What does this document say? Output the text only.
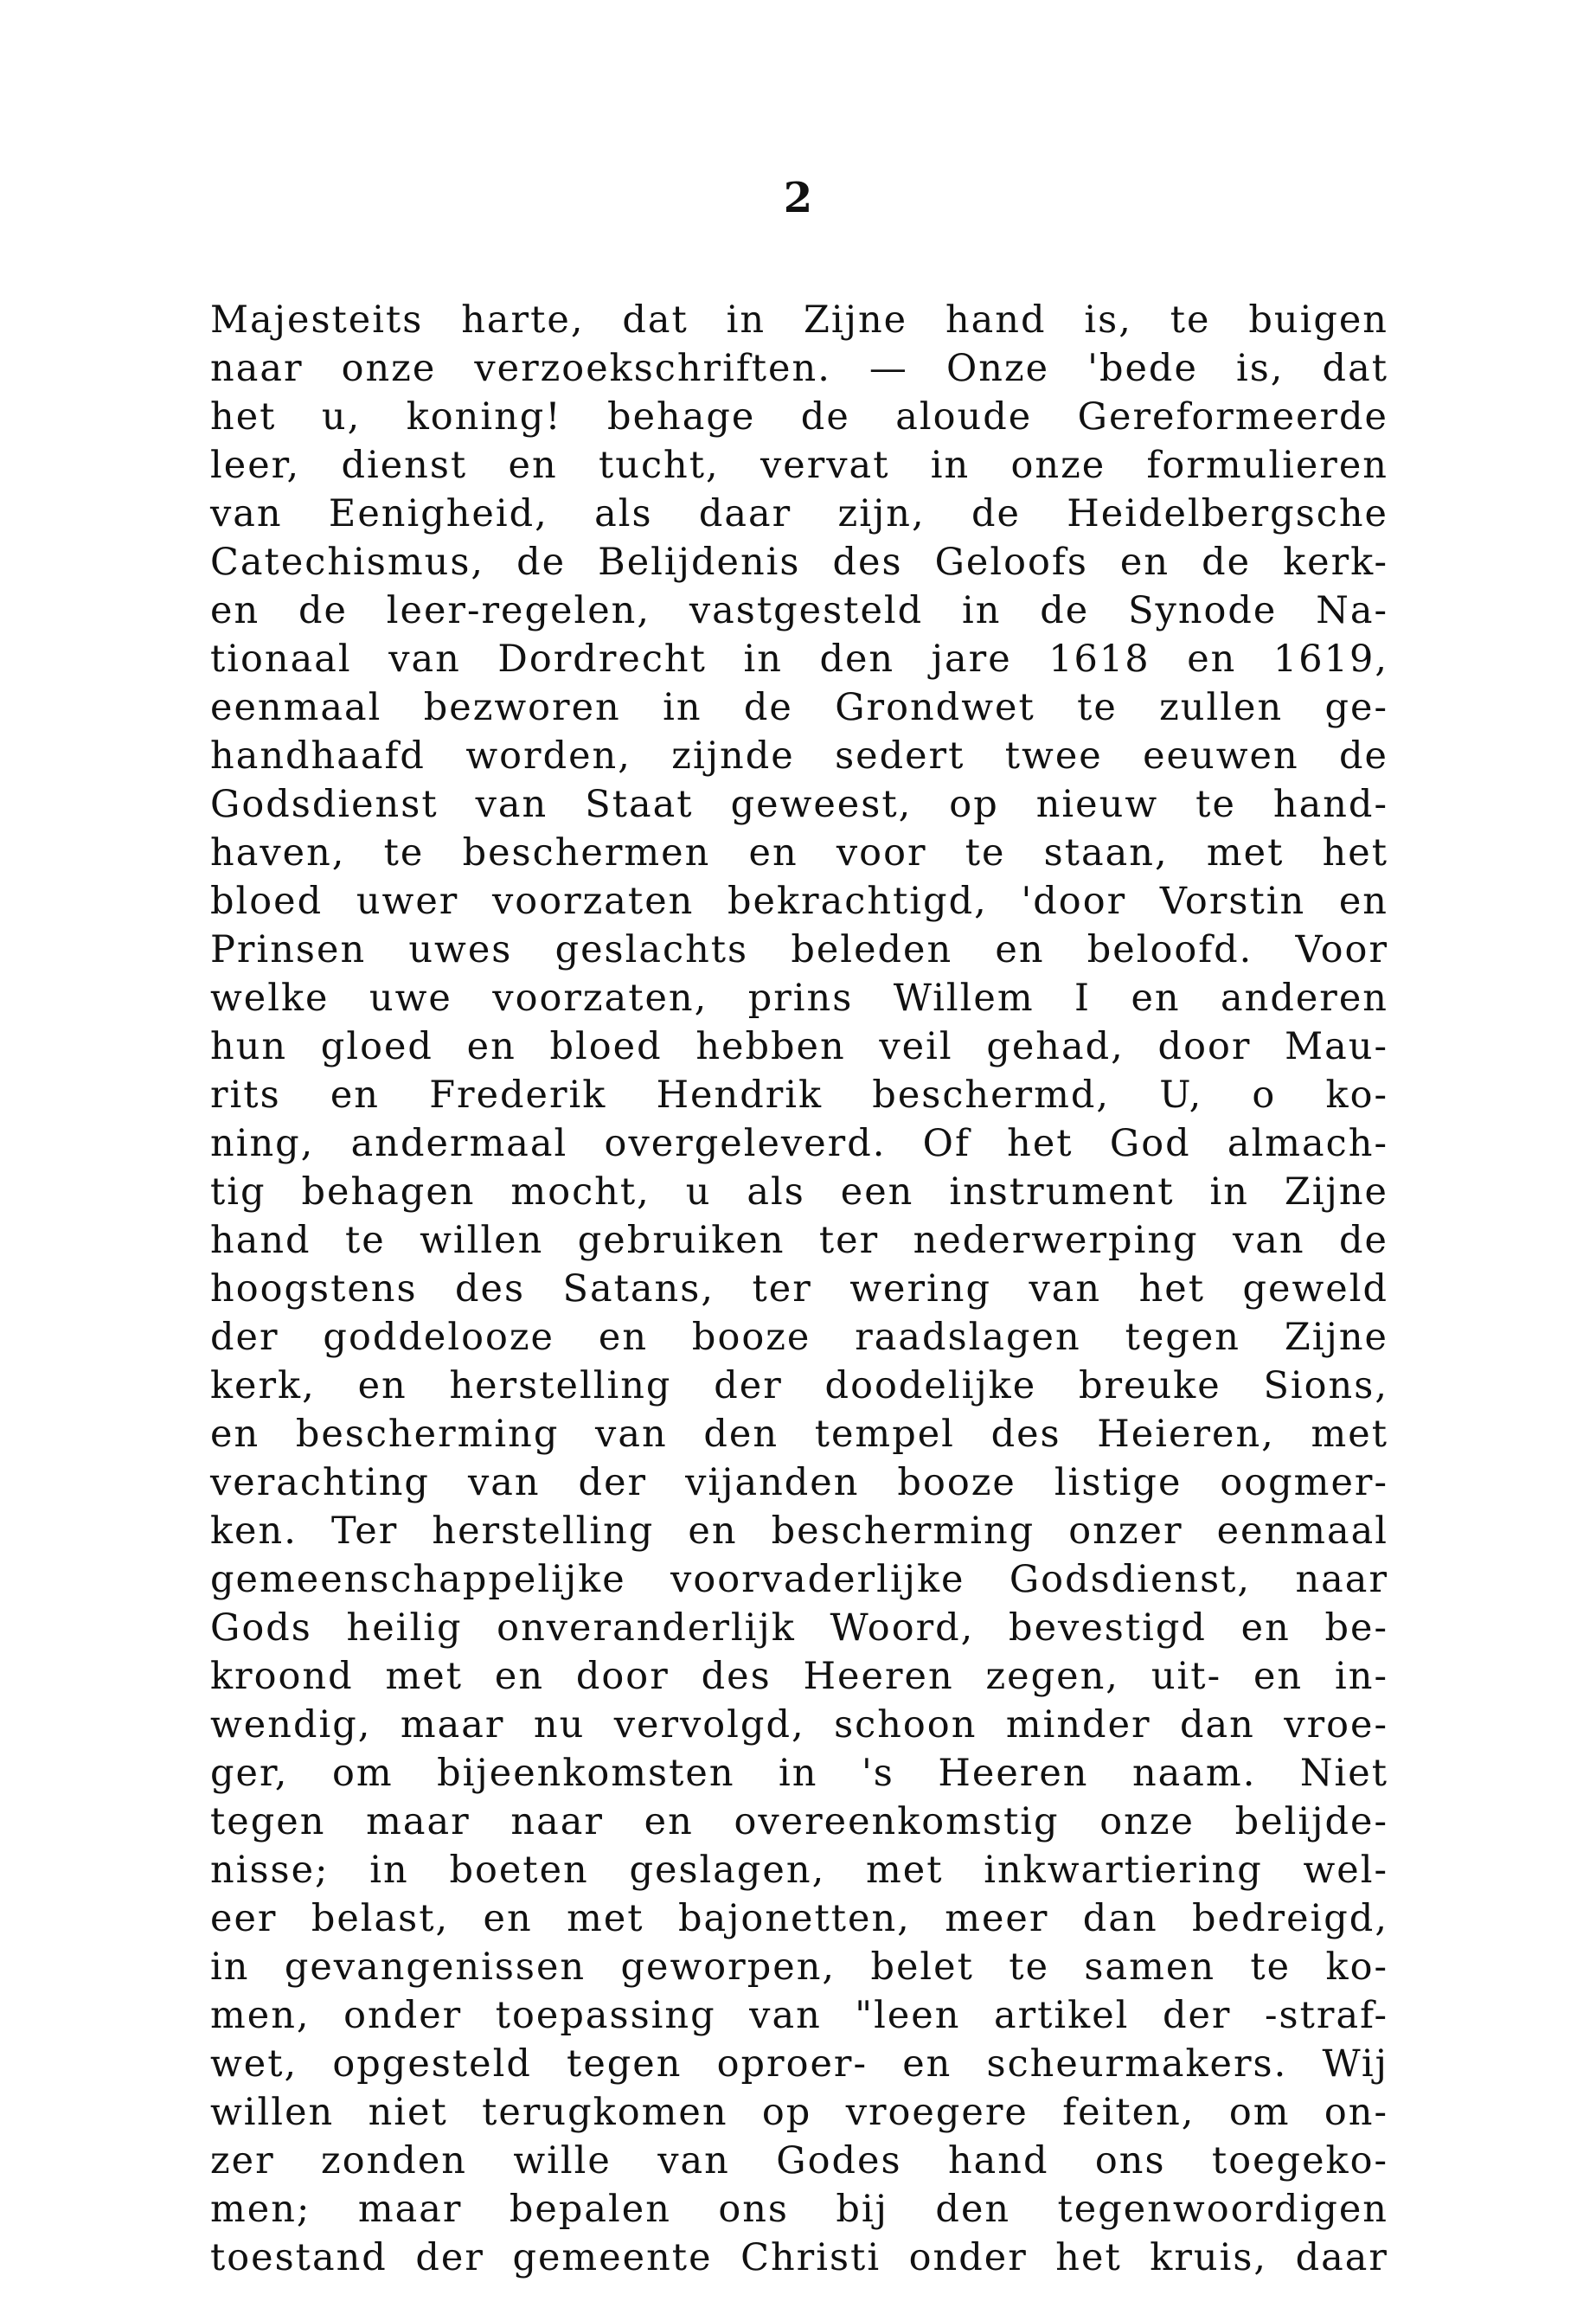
2
Majesteits harte, dat in Zijne hand is, te buigen
naar onze verzoekschriften. — Onze 'bede is, dat
het u, koning! behage de aloude Gereformeerde
leer, dienst en tucht, vervat in onze formulieren
van Eenigheid, als daar zijn, de Heidelbergsche
Catechismus, de Belijdenis des Geloofs en de kerk-
en de leer-regelen, vastgesteld in de Synode Na-
tionaal van Dordrecht in den jare 1618 en 1619,
eenmaal bezworen in de Grondwet te zullen ge-
handhaafd worden, zijnde sedert twee eeuwen de
Godsdienst van Staat geweest, op nieuw te hand-
haven, te beschermen en voor te staan, met het
bloed uwer voorzaten bekrachtigd, 'door Vorstin en
Prinsen uwes geslachts beleden en beloofd. Voor
welke uwe voorzaten, prins Willem I en anderen
hun gloed en bloed hebben veil gehad, door Mau-
rits en Frederik Hendrik beschermd, U, o ko-
ning, andermaal overgeleverd. Of het God almach-
tig behagen mocht, u als een instrument in Zijne
hand te willen gebruiken ter nederwerping van de
hoogstens des Satans, ter wering van het geweld
der goddelooze en booze raadslagen tegen Zijne
kerk, en herstelling der doodelijke breuke Sions,
en bescherming van den tempel des Heieren, met
verachting van der vijanden booze listige oogmer-
ken. Ter herstelling en bescherming onzer eenmaal
gemeenschappelijke voorvaderlijke Godsdienst, naar
Gods heilig onveranderlijk Woord, bevestigd en be-
kroond met en door des Heeren zegen, uit- en in-
wendig, maar nu vervolgd, schoon minder dan vroe-
ger, om bijeenkomsten in 's Heeren naam. Niet
tegen maar naar en overeenkomstig onze belijde-
nisse; in boeten geslagen, met inkwartiering wel-
eer belast, en met bajonetten, meer dan bedreigd,
in gevangenissen geworpen, belet te samen te ko-
men, onder toepassing van "leen artikel der -straf-
wet, opgesteld tegen oproer- en scheurmakers. Wij
willen niet terugkomen op vroegere feiten, om on-
zer zonden wille van Godes hand ons toegeko-
men; maar bepalen ons bij den tegenwoordigen
toestand der gemeente Christi onder het kruis, daar
